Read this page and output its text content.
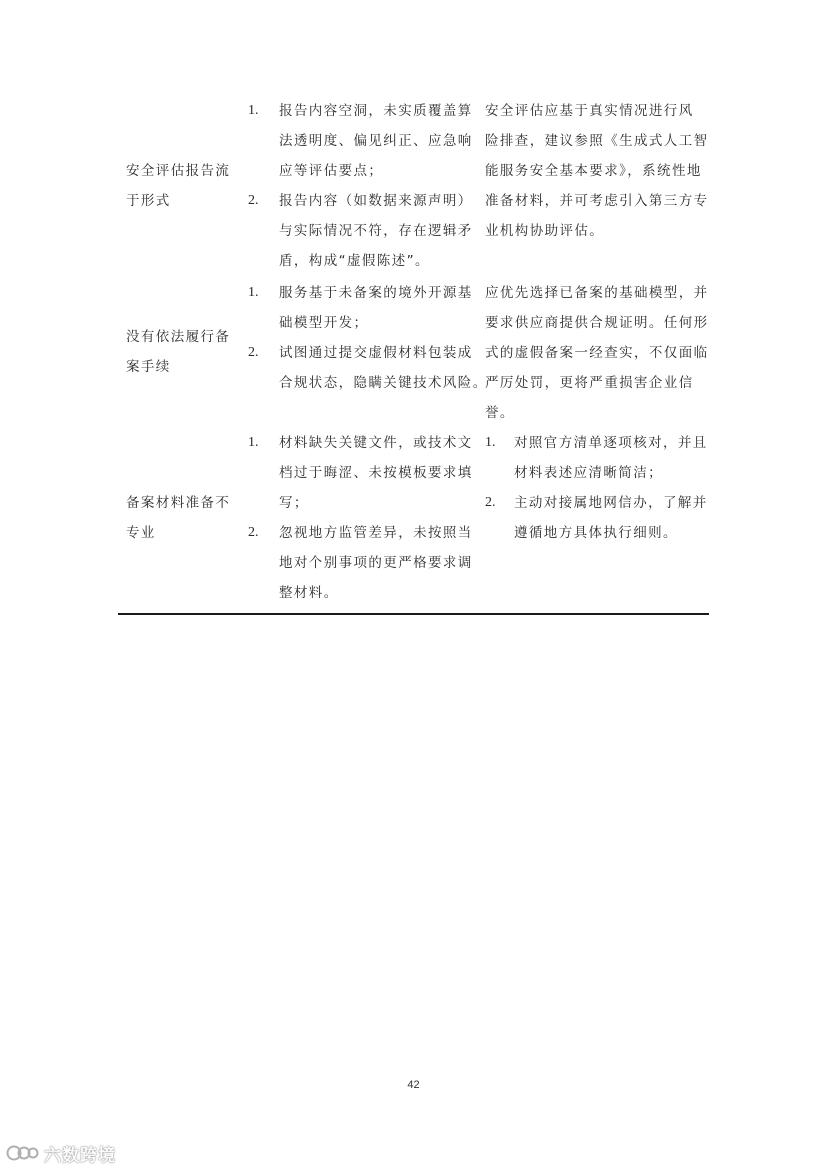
安全评估报告流
于形式
1. 报告内容空洞，未实质覆盖算
法透明度、偏见纠正、应急响
应等评估要点；
2. 报告内容（如数据来源声明）
与实际情况不符，存在逻辑矛
盾，构成“虚假陈述”。
安全评估应基于真实情况进行风
险排查，建议参照《生成式人工智
能服务安全基本要求》，系统性地
准备材料，并可考虑引入第三方专
业机构协助评估。
没有依法履行备
案手续
1. 服务基于未备案的境外开源基
础模型开发；
2. 试图通过提交虚假材料包装成
合规状态，隐瞒关键技术风险。
应优先选择已备案的基础模型，并
要求供应商提供合规证明。任何形
式的虚假备案一经查实，不仅面临
严厉处罚，更将严重损害企业信
誉。
备案材料准备不
专业
1. 材料缺失关键文件，或技术文
档过于晦涩、未按模板要求填
写；
2. 忽视地方监管差异，未按照当
地对个别事项的更严格要求调
整材料。
1. 对照官方清单逐项核对，并且
材料表述应清晰简洁；
2. 主动对接属地网信办，了解并
遵循地方具体执行细则。
42
六数跨境
